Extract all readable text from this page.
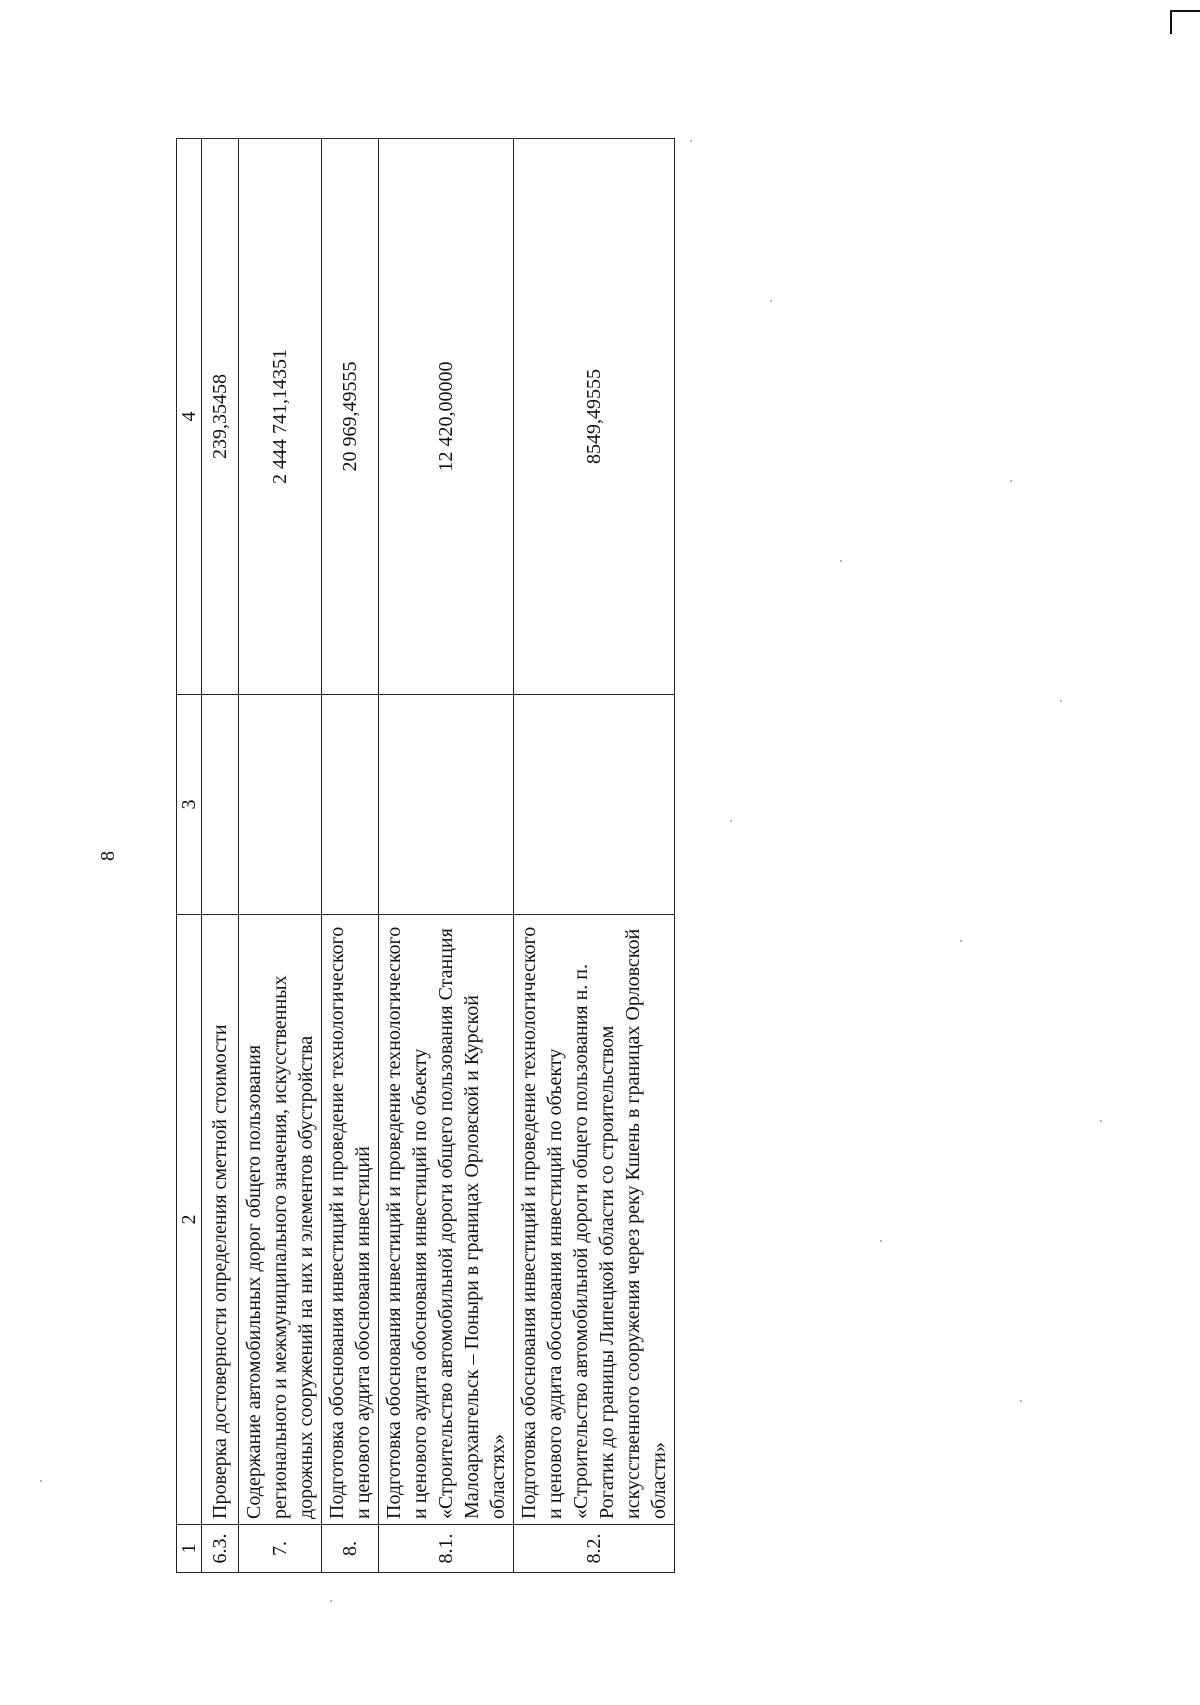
8
1	2	3	4
6.3.	Проверка достоверности определения сметной стоимости		239,35458
7.	Содержание автомобильных дорог общего пользования регионального и межмуниципального значения, искусственных дорожных сооружений на них и элементов обустройства		2 444 741,14351
8.	Подготовка обоснования инвестиций и проведение технологического и ценового аудита обоснования инвестиций		20 969,49555
8.1.	Подготовка обоснования инвестиций и проведение технологического и ценового аудита обоснования инвестиций по объекту «Строительство автомобильной дороги общего пользования Станция Малоархангельск – Поныри в границах Орловской и Курской областях»		12 420,00000
8.2.	Подготовка обоснования инвестиций и проведение технологического и ценового аудита обоснования инвестиций по объекту «Строительство автомобильной дороги общего пользования н. п. Рогатик до границы Липецкой области со строительством искусственного сооружения через реку Кшень в границах Орловской области»		8549,49555
